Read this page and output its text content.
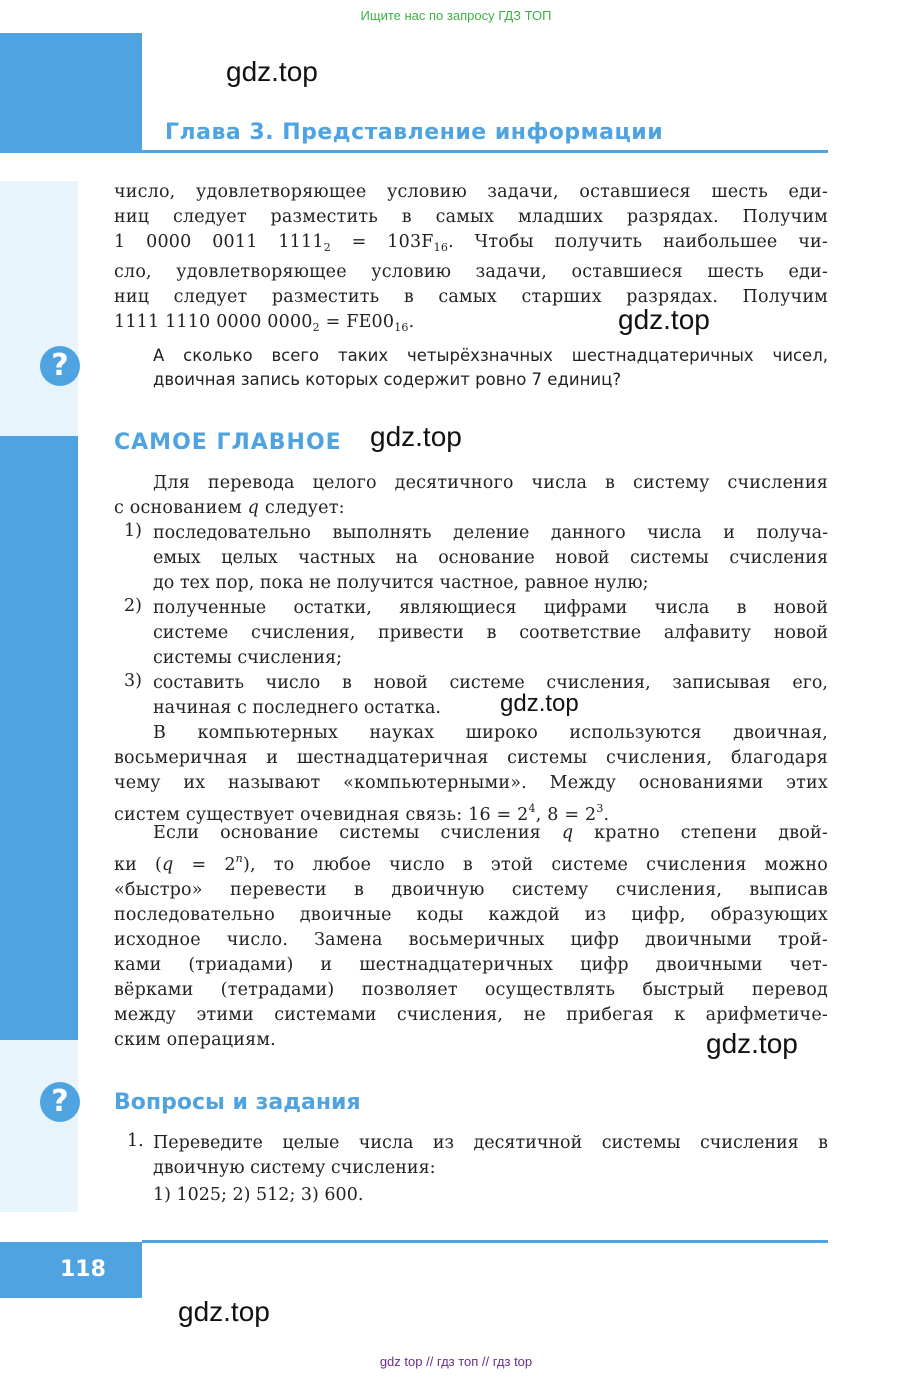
Ищите нас по запросу ГДЗ ТОП
gdz.top
gdz.top
gdz.top
gdz.top
gdz.top
gdz.top
Глава 3. Представление информации
число, удовлетворяющее условию задачи, оставшиеся шесть еди-
ниц следует разместить в самых младших разрядах. Получим
1 0000 0011 $1111_2 = 103F_{16}$. Чтобы получить наибольшее чи-
сло, удовлетворяющее условию задачи, оставшиеся шесть еди-
ниц следует разместить в самых старших разрядах. Получим
1111 1110 0000 $0000_2 = FE00_{16}$.
?	А сколько всего таких четырёхзначных шестнадцатеричных чисел,
двоичная запись которых содержит ровно 7 единиц?
САМОЕ ГЛАВНОЕ
Для перевода целого десятичного числа в систему счисления
с основанием q следует:
1) последовательно выполнять деление данного числа и получа-
емых целых частных на основание новой системы счисления
до тех пор, пока не получится частное, равное нулю;
2) полученные остатки, являющиеся цифрами числа в новой
системе счисления, привести в соответствие алфавиту новой
системы счисления;
3) составить число в новой системе счисления, записывая его,
начиная с последнего остатка.
В компьютерных науках широко используются двоичная,
восьмеричная и шестнадцатеричная системы счисления, благодаря
чему их называют «компьютерными». Между основаниями этих
систем существует очевидная связь: $16 = 2^4$, $8 = 2^3$.
Если основание системы счисления q кратно степени двой-
ки $(q = 2^n)$, то любое число в этой системе счисления можно
«быстро» перевести в двоичную систему счисления, выписав
последовательно двоичные коды каждой из цифр, образующих
исходное число. Замена восьмеричных цифр двоичными трой-
ками (триадами) и шестнадцатеричных цифр двоичными чет-
вёрками (тетрадами) позволяет осуществлять быстрый перевод
между этими системами счисления, не прибегая к арифметиче-
ским операциям.
?	Вопросы и задания
1. Переведите целые числа из десятичной системы счисления в
двоичную систему счисления:
1) 1025; 2) 512; 3) 600.
118
gdz top // гдз топ // гдз top
